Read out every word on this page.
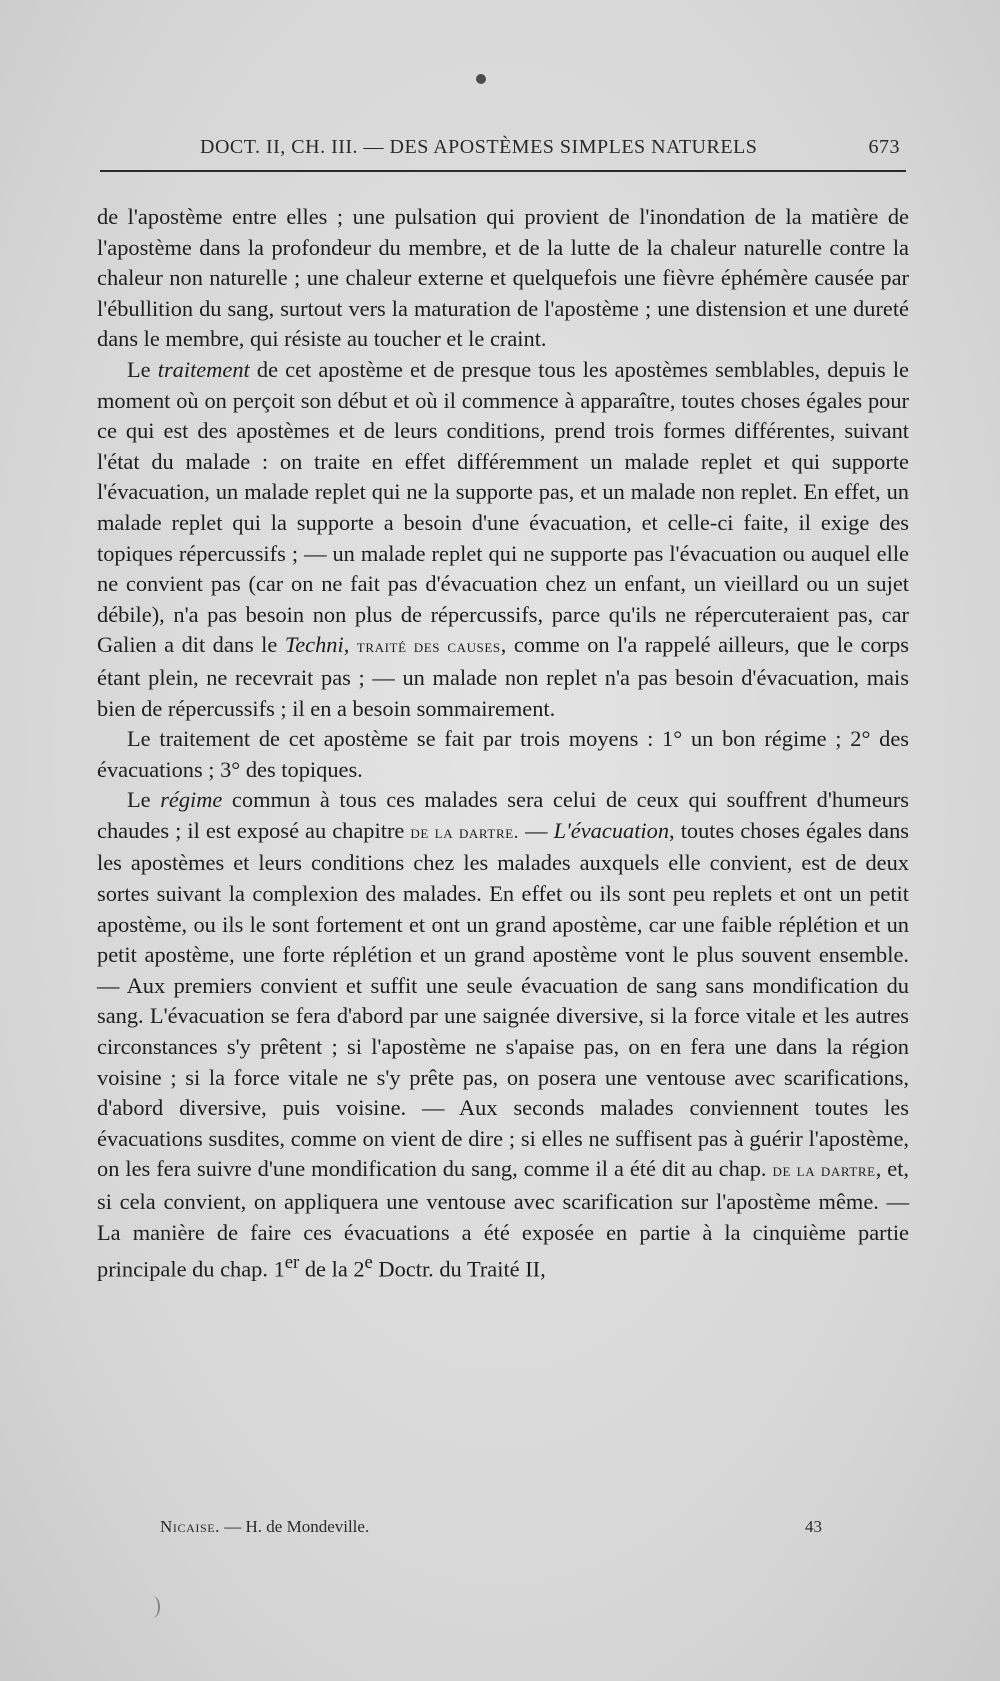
DOCT. II, CH. III. — DES APOSTÈMES SIMPLES NATURELS	673

de l'apostème entre elles ; une pulsation qui provient de l'inondation de la matière de l'apostème dans la profondeur du membre, et de la lutte de la chaleur naturelle contre la chaleur non naturelle ; une chaleur externe et quelquefois une fièvre éphémère causée par l'ébullition du sang, surtout vers la maturation de l'apostème ; une distension et une dureté dans le membre, qui résiste au toucher et le craint.

Le traitement de cet apostème et de presque tous les apostèmes semblables, depuis le moment où on perçoit son début et où il commence à apparaître, toutes choses égales pour ce qui est des apostèmes et de leurs conditions, prend trois formes différentes, suivant l'état du malade : on traite en effet différemment un malade replet et qui supporte l'évacuation, un malade replet qui ne la supporte pas, et un malade non replet. En effet, un malade replet qui la supporte a besoin d'une évacuation, et celle-ci faite, il exige des topiques répercussifs ; — un malade replet qui ne supporte pas l'évacuation ou auquel elle ne convient pas (car on ne fait pas d'évacuation chez un enfant, un vieillard ou un sujet débile), n'a pas besoin non plus de répercussifs, parce qu'ils ne répercuteraient pas, car Galien a dit dans le Techni, traité des causes, comme on l'a rappelé ailleurs, que le corps étant plein, ne recevrait pas ; — un malade non replet n'a pas besoin d'évacuation, mais bien de répercussifs ; il en a besoin sommairement.

Le traitement de cet apostème se fait par trois moyens : 1° un bon régime ; 2° des évacuations ; 3° des topiques.

Le régime commun à tous ces malades sera celui de ceux qui souffrent d'humeurs chaudes ; il est exposé au chapitre de la dartre. — L'évacuation, toutes choses égales dans les apostèmes et leurs conditions chez les malades auxquels elle convient, est de deux sortes suivant la complexion des malades. En effet ou ils sont peu replets et ont un petit apostème, ou ils le sont fortement et ont un grand apostème, car une faible réplétion et un petit apostème, une forte réplétion et un grand apostème vont le plus souvent ensemble. — Aux premiers convient et suffit une seule évacuation de sang sans mondification du sang. L'évacuation se fera d'abord par une saignée diversive, si la force vitale et les autres circonstances s'y prêtent ; si l'apostème ne s'apaise pas, on en fera une dans la région voisine ; si la force vitale ne s'y prête pas, on posera une ventouse avec scarifications, d'abord diversive, puis voisine. — Aux seconds malades conviennent toutes les évacuations susdites, comme on vient de dire ; si elles ne suffisent pas à guérir l'apostème, on les fera suivre d'une mondification du sang, comme il a été dit au chap. de la dartre, et, si cela convient, on appliquera une ventouse avec scarification sur l'apostème même. — La manière de faire ces évacuations a été exposée en partie à la cinquième partie principale du chap. 1er de la 2e Doctr. du Traité II,

Nicaise. — H. de Mondeville.	43
